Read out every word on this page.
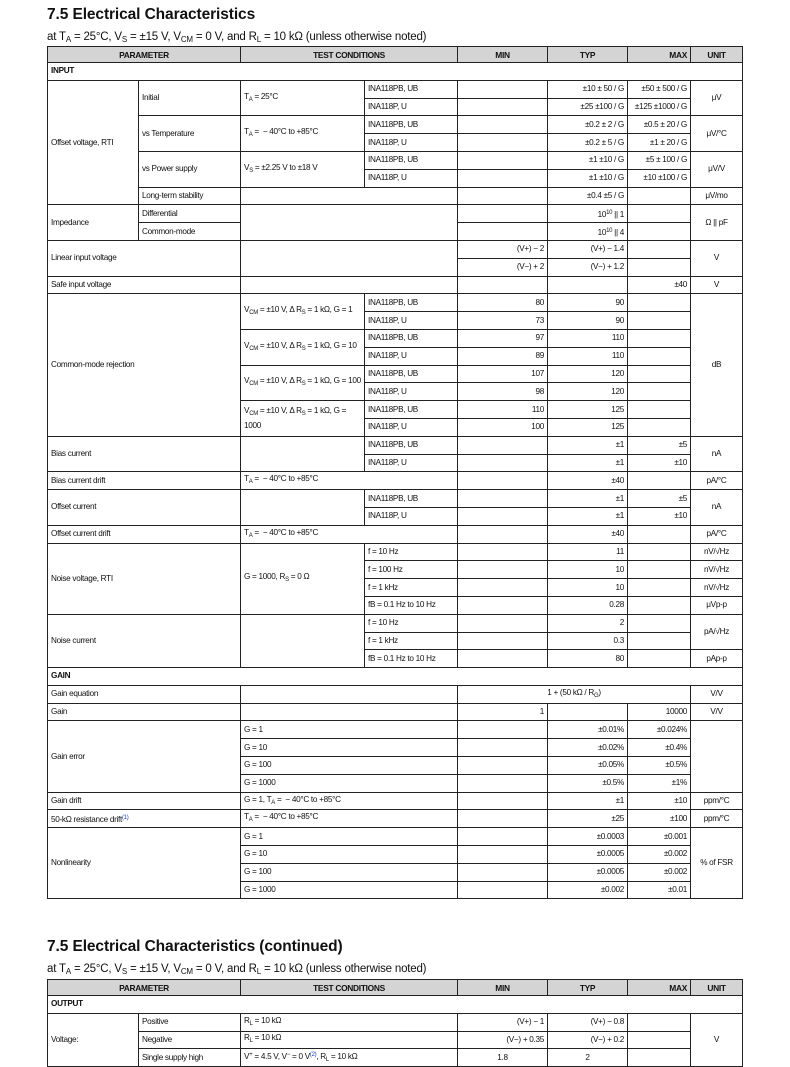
7.5 Electrical Characteristics
at $T_A = 25^\circ C$, $V_S = \pm 15$ V, $V_{CM} = 0$ V, and $R_L = 10$ kΩ (unless otherwise noted)
PARAMETER		TEST CONDITIONS		MIN	TYP	MAX	UNIT
INPUT							
Offset voltage, RTI	Initial	$T_A = 25^\circ C$	INA118PB, UB		±10 ± 50 / G	±50 ± 500 / G	μV
			INA118P, U		±25 ±100 / G	±125 ±1000 / G	
	vs Temperature	$T_A$ =  − 40°C to +85°C	INA118PB, UB		±0.2 ± 2 / G	±0.5 ± 20 / G	μV/°C
			INA118P, U		±0.2 ± 5 / G	±1 ± 20 / G	
	vs Power supply	$V_S = \pm 2.25$ V to ±18 V	INA118PB, UB		±1 ±10 / G	±5 ± 100 / G	μV/V
			INA118P, U		±1 ±10 / G	±10 ±100 / G	
	Long-term stability				±0.4 ±5 / G		μV/mo
Impedance	Differential				$10^{10}$ || 1		Ω || pF
	Common-mode				$10^{10}$ || 4		
Linear input voltage				(V+) − 2	(V+) − 1.4		V
				(V−) + 2	(V−) + 1.2		
Safe input voltage						±40	V
Common-mode rejection		$V_{CM} = \pm 10$ V, Δ $R_S = 1$ kΩ, G = 1	INA118PB, UB	80	90		dB
			INA118P, U	73	90		
		$V_{CM} = \pm 10$ V, Δ $R_S = 1$ kΩ, G = 10	INA118PB, UB	97	110		
			INA118P, U	89	110		
		$V_{CM} = \pm 10$ V, Δ $R_S = 1$ kΩ, G = 100	INA118PB, UB	107	120		
			INA118P, U	98	120		
		$V_{CM} = \pm 10$ V, Δ $R_S = 1$ kΩ, G = 1000	INA118PB, UB	110	125		
			INA118P, U	100	125		
Bias current			INA118PB, UB		±1	±5	nA
			INA118P, U		±1	±10	
Bias current drift		$T_A$ =  − 40°C to +85°C			±40		pA/°C
Offset current			INA118PB, UB		±1	±5	nA
			INA118P, U		±1	±10	
Offset current drift		$T_A$ =  − 40°C to +85°C			±40		pA/°C
Noise voltage, RTI		G = 1000, $R_S = 0$ Ω	f = 10 Hz		11		nV/√Hz
			f = 100 Hz		10		nV/√Hz
			f = 1 kHz		10		nV/√Hz
			fB = 0.1 Hz to 10 Hz		0.28		μVp-p
Noise current			f = 10 Hz		2		pA/√Hz
			f = 1 kHz		0.3		
			fB = 0.1 Hz to 10 Hz		80		pAp-p
GAIN							
Gain equation				1 + (50 kΩ / $R_G$)			V/V
Gain				1		10000	V/V
Gain error		G = 1			±0.01%	±0.024%	
		G = 10			±0.02%	±0.4%	
		G = 100			±0.05%	±0.5%	
		G = 1000			±0.5%	±1%	
Gain drift		G = 1, $T_A$ =  − 40°C to +85°C			±1	±10	ppm/°C
50-kΩ resistance drift$^{(1)}$		$T_A$ =  − 40°C to +85°C			±25	±100	ppm/°C
Nonlinearity		G = 1			±0.0003	±0.001	% of FSR
		G = 10			±0.0005	±0.002	
		G = 100			±0.0005	±0.002	
		G = 1000			±0.002	±0.01	
7.5 Electrical Characteristics (continued)
at $T_A = 25^\circ C$, $V_S = \pm 15$ V, $V_{CM} = 0$ V, and $R_L = 10$ kΩ (unless otherwise noted)
PARAMETER		TEST CONDITIONS	MIN	TYP	MAX	UNIT
OUTPUT						
Voltage:	Positive	$R_L = 10$ kΩ	(V+) − 1	(V+) − 0.8		V
	Negative	$R_L = 10$ kΩ	(V−) + 0.35	(V−) + 0.2		
	Single supply high	V+ = 4.5 V, V− = 0 V$^{(2)}$, $R_L = 10$ kΩ	1.8	2		
